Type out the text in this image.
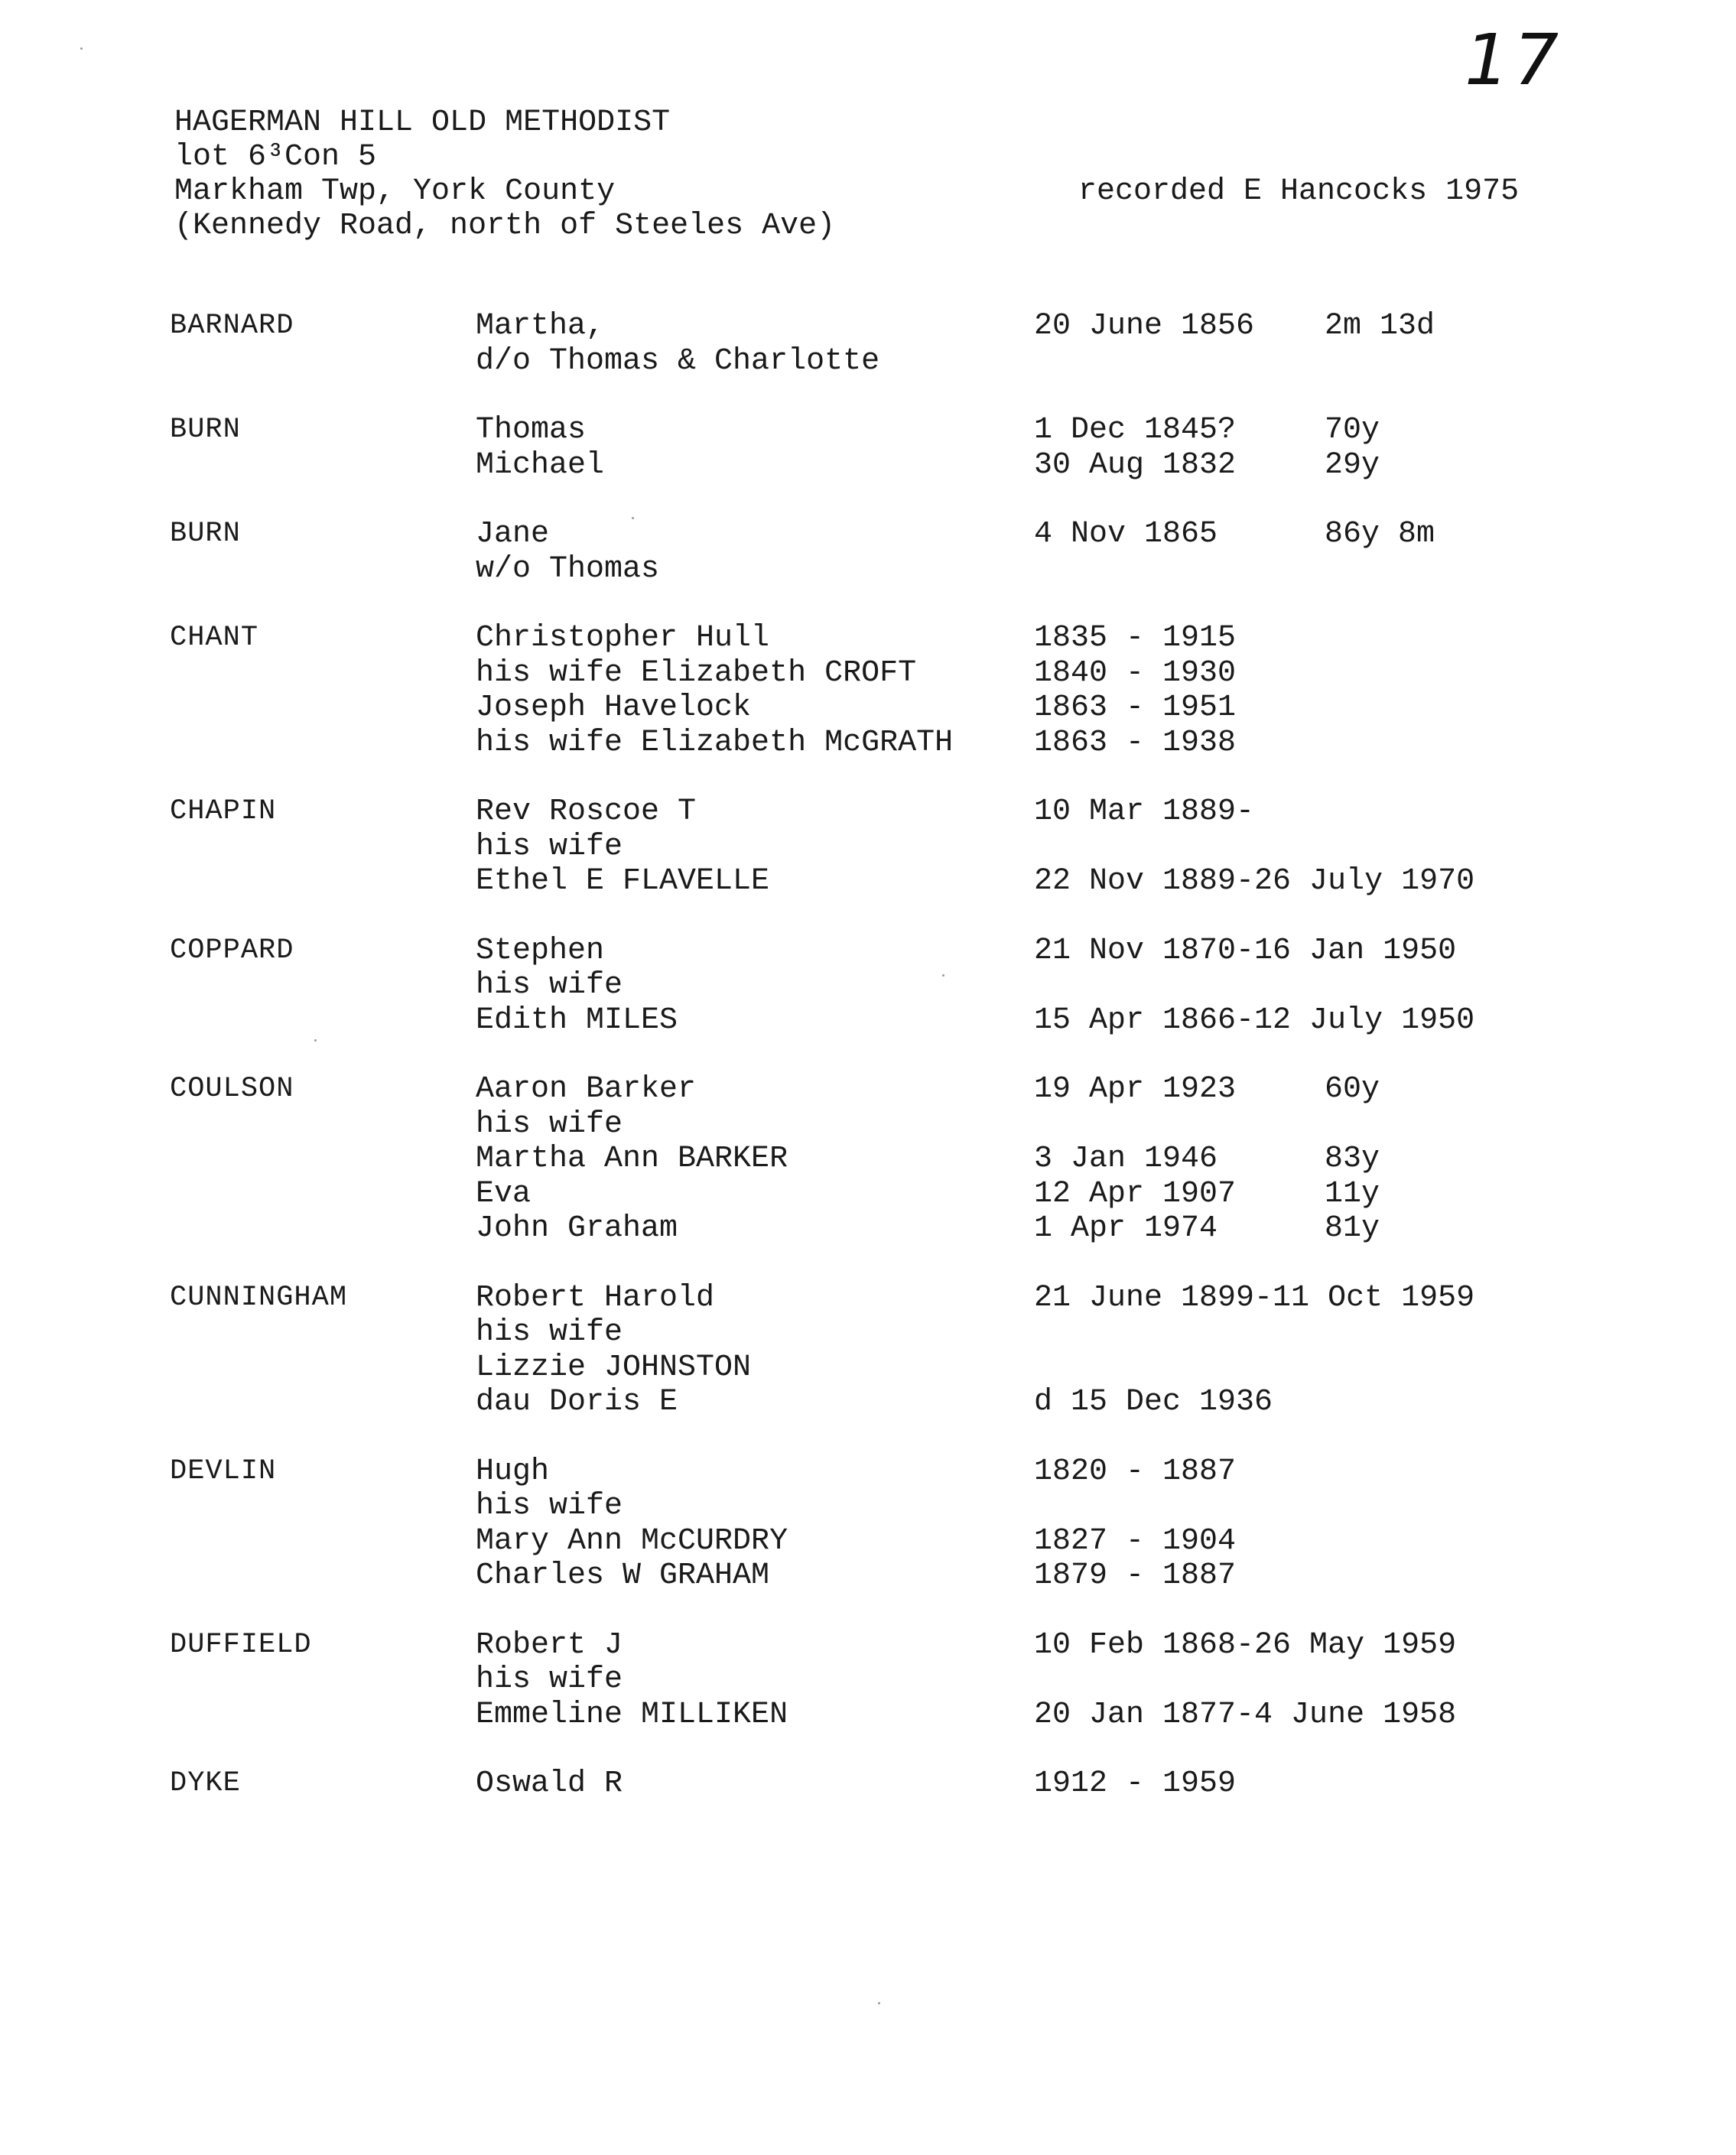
17
HAGERMAN HILL OLD METHODIST
lot 6³Con 5
Markham Twp, York County
(Kennedy Road, north of Steeles Ave)
recorded E Hancocks 1975
BARNARD	Martha,	20 June 1856 2m 13d
d/o Thomas & Charlotte
BURN	Thomas	1 Dec 1845?	70y
Michael	30 Aug 1832	29y
BURN	Jane	4 Nov 1865	86y 8m
w/o Thomas
CHANT	Christopher Hull	1835 - 1915
his wife Elizabeth CROFT	1840 - 1930
Joseph Havelock	1863 - 1951
his wife Elizabeth McGRATH	1863 - 1938
CHAPIN	Rev Roscoe T	10 Mar 1889-
his wife
Ethel E FLAVELLE	22 Nov 1889-26 July 1970
COPPARD	Stephen	21 Nov 1870-16 Jan 1950
his wife
Edith MILES	15 Apr 1866-12 July 1950
COULSON	Aaron Barker	19 Apr 1923	60y
his wife
Martha Ann BARKER	3 Jan 1946	83y
Eva	12 Apr 1907	11y
John Graham	1 Apr 1974	81y
CUNNINGHAM	Robert Harold	21 June 1899-11 Oct 1959
his wife
Lizzie JOHNSTON
dau Doris E	d 15 Dec 1936
DEVLIN	Hugh	1820 - 1887
his wife
Mary Ann McCURDRY	1827 - 1904
Charles W GRAHAM	1879 - 1887
DUFFIELD	Robert J	10 Feb 1868-26 May 1959
his wife
Emmeline MILLIKEN	20 Jan 1877-4 June 1958
DYKE	Oswald R	1912 - 1959
